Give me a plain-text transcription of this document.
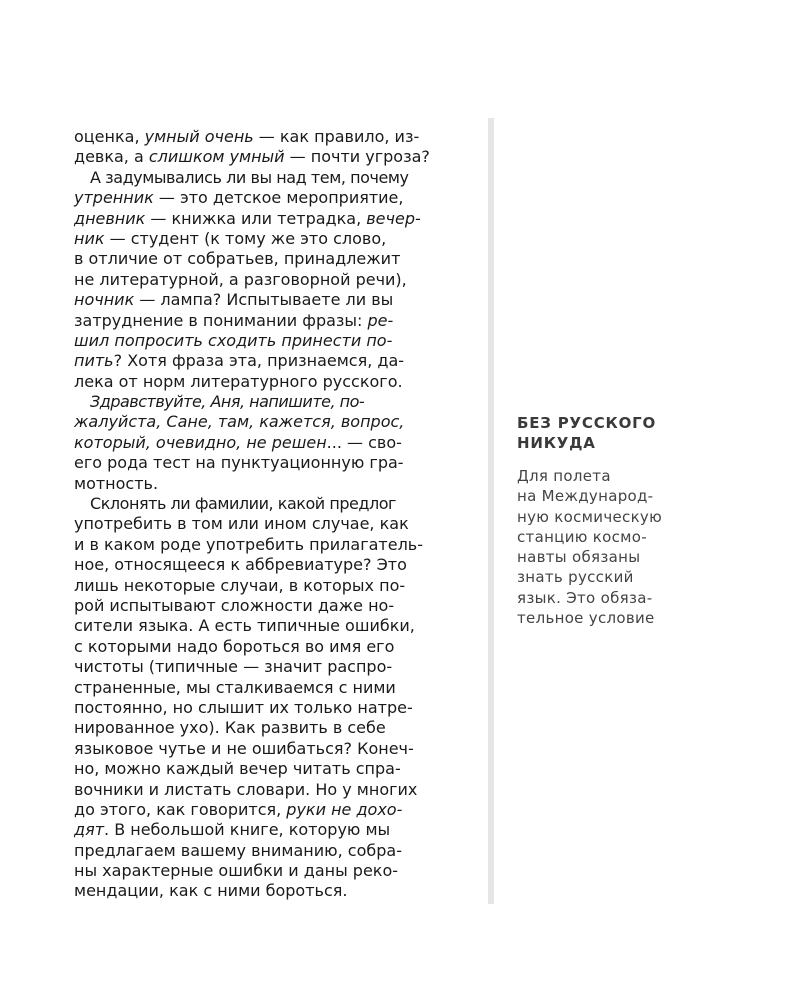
оценка, умный очень — как правило, из-
девка, а слишком умный — почти угроза?
А задумывались ли вы над тем, почему
утренник — это детское мероприятие,
дневник — книжка или тетрадка, вечер-
ник — студент (к тому же это слово,
в отличие от собратьев, принадлежит
не литературной, а разговорной речи),
ночник — лампа? Испытываете ли вы
затруднение в понимании фразы: ре-
шил попросить сходить принести по-
пить? Хотя фраза эта, признаемся, да-
лека от норм литературного русского.
Здравствуйте, Аня, напишите, по-
жалуйста, Сане, там, кажется, вопрос,
который, очевидно, не решен... — сво-
его рода тест на пунктуационную гра-
мотность.
Склонять ли фамилии, какой предлог
употребить в том или ином случае, как
и в каком роде употребить прилагатель-
ное, относящееся к аббревиатуре? Это
лишь некоторые случаи, в которых по-
рой испытывают сложности даже но-
сители языка. А есть типичные ошибки,
с которыми надо бороться во имя его
чистоты (типичные — значит распро-
страненные, мы сталкиваемся с ними
постоянно, но слышит их только натре-
нированное ухо). Как развить в себе
языковое чутье и не ошибаться? Конеч-
но, можно каждый вечер читать спра-
вочники и листать словари. Но у многих
до этого, как говорится, руки не дохо-
дят. В небольшой книге, которую мы
предлагаем вашему вниманию, собра-
ны характерные ошибки и даны реко-
мендации, как с ними бороться.
БЕЗ РУССКОГО
НИКУДА
Для полета
на Международ-
ную космическую
станцию космо-
навты обязаны
знать русский
язык. Это обяза-
тельное условие
